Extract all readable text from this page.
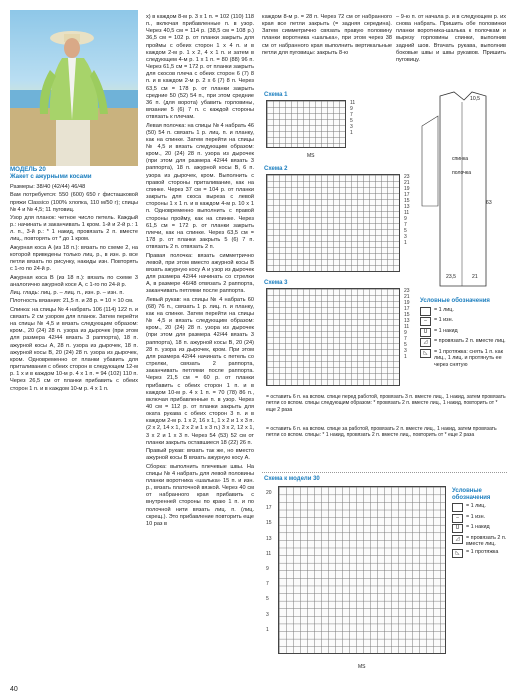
МОДЕЛЬ 20
Жакет с ажурными косами

Размеры: 38/40 (42/44) 46/48

Вам потребуется: 550 (600) 650 г фисташковой пряжи Classico (100% хлопка, 110 м/50 г); спицы № 4 и № 4,5; 11 пуговиц.

Узор для планок: четное число петель. Каждый р.: начинать и заканчивать 1 кром. 1-й и 2-й р.: 1 л. п., 3-й р.: * 1 накид, провязать 2 п. вместе лиц., повторять от * до 1 кром.

Ажурная коса А (из 18 п.): вязать по схеме 2, на которой приведены только лиц. р., в изн. р. все петли вязать по рисунку, накиды изн. Повторять с 1-го по 24-й р.

Ажурная коса В (из 18 п.): вязать по схеме 3 аналогично ажурной косе А, с 1-го по 24-й р.

Лиц. гладь: лиц. р. – лиц. п., изн. р. – изн. п.

Плотность вязания: 21,5 п. и 28 р. = 10 × 10 см.

Спинка: на спицы № 4 набрать 106 (114) 122 п. и связать 2 см узором для планок. Затем перейти на спицы № 4,5 и вязать следующим образом: кром., 20 (24) 28 п. узора из дырочек (при этом для размера 42/44 вязать 3 раппорта), 18 п. ажурной косы А, 28 п. узора из дырочек, 18 п. ажурной косы В, 20 (24) 28 п. узора из дырочек, кром. Одновременно от планки убавить для приталивания с обеих сторон в следующем 12-м р. 1 x и в каждом 10-м р. 4 x 1 п. = 94 (102) 110 п. Через 26,5 см от планки прибавить с обеих сторон 1 п. и в каждом 10-м р. 4 x 1 п.

x) в каждом 8-м р. 3 x 1 п. = 102 (110) 118 п., включая прибавленные п. в узор. Через 40,5 см = 114 р. (38,5 см = 108 р.) 36,5 см = 102 р. от планки закрыть для проймы с обеих сторон 1 x 4 п. и в каждом 2-м р. 1 x 2, 4 x 1 п. и затем в следующем 4-м р. 1 x 1 п. = 80 (88) 96 п. Через 61,5 см = 172 р. от планки закрыть для скосов плеча с обеих сторон 6 (7) 8 п. и в каждом 2-м р. 2 x 6 (7) 8 п. Через 63,5 см = 178 р. от планки закрыть средние 50 (52) 54 п., при этом средние 36 п. (для ворота) убавить горловины, вязание 5 (6) 7 п. с каждой стороны отвязать к плечам.

Левая полочка: на спицы № 4 набрать 46 (50) 54 п. связать 1 р. лиц. п. и планку, как на спинке. Затем перейти на спицы № 4,5 и вязать следующим образом: кром., 20 (24) 28 п. узора из дырочек (при этом для размера 42/44 вязать 3 раппорта), 18 п. ажурной косы В, 6 п. узора из дырочек, кром. Выполнить с правой стороны приталивание, как на спинке. Через 37 см = 104 р. от планки закрыть для скоса выреза с левой стороны 1 x 1 п. и в каждом 4-м р. 10 x 1 п. Одновременно выполнить с правой стороны пройму, как на спинке. Через 61,5 см = 172 р. от планки закрыть плечи, как на спинке. Через 63,5 см = 178 р. от планки закрыть 5 (6) 7 п. отвязать 2 п. отвязать 2 п.

Правая полочка: вязать симметрично левой, при этом вместо ажурной косы В вязать ажурную косу А и узор из дырочек для размера 42/44 начинать со стрелки А, в размере 46/48 отвязать 2 раппорта, заканчивать петлями после раппорта.

Левый рукав: на спицы № 4 набрать 60 (68) 76 п., связать 1 р. лиц. п. и планку, как на спинке. Затем перейти на спицы № 4,5 и вязать следующим образом: кром., 20 (24) 28 п. узора из дырочек (при этом для размера 42/44 вязать 3 раппорта), 18 п. ажурной косы В, 20 (24) 28 п. узора из дырочек, кром. При этом для размера 42/44 начинать с петель со стрелки, связать 2 раппорта, заканчивать петлями после раппорта. Через 21,5 см = 60 р. от планки прибавить с обеих сторон 1 п. и в каждом 10-м р. 4 x 1 п. = 70 (78) 86 п., включая прибавленные п. в узор. Через 40 см = 112 р. от планки закрыть для оката рукава с обеих сторон 3 п. и в каждом 2-м р. 1 x 2, 16 x 1, 1 x 2 и 1 x 3 п. (2 x 2, 14 x 1, 2 x 2 и 1 x 3 п.) 3 x 2, 12 x 1, 3 x 2 и 1 x 3 п. Через 54 (53) 52 см от планки закрыть оставшиеся 18 (22) 26 п.

Правый рукав: вязать так же, но вместо ажурной косы В вязать ажурную косу А.

Сборка: выполнить плечевые швы. На спицы № 4 набрать для левой половины планки воротника «шалька» 15 п. и изн. р., вязать платочной вязкой. Через 40 см от набранного края прибавить с внутренней стороны по краю 1 п. и по полочной нити вязать лиц. п. (лиц. скрещ.). Это прибавление повторить еще 10 раз в

каждом 8-м р. = 28 п. Через 72 см от набранного края все петли закрыть (= задняя середина). Затем симметрично связать правую половину планки воротника «шалька», при этом через 38 см от набранного края выполнить вертикальные петли для пуговицы: закрыть 8-ю

– 9-ю п. от начала р. и в следующем р. их снова набрать. Пришить обе половинки планки воротника-шалька к полочкам и вырезу горловины спинки, выполнив задний шов. Втачать рукава, выполнив боковые швы и швы рукавов. Пришить пуговицу.

Схема 1
11
9
7
5
3
1
MS
Схема 2
23
21
19
17
15
13
11
9
7
5
3
1
Схема 3
23
21
19
17
15
13
11
9
7
5
3
1
10,5
спинка
полочка
63
23,5	21
Условные обозначения
= 1 лиц.
–	= 1 изн.
U	= 1 накид
◿	= провязать 2 п. вместе лиц.
◺	= 1 протяжка: снять 1 п. как лиц., 1 лиц. и протянуть ее через снятую
= оставить 6 п. на вспом. спице перед работой, провязать 3 п. вместе лиц., 1 накид, затем провязать петли со вспом. спицы следующим образом: * провязать 2 п. вместе лиц., 1 накид, повторить от * еще 2 раза
= оставить 6 п. на вспом. спице за работой, провязать 2 п. вместе лиц., 1 накид, затем провязать петли со вспом. спицы: * 1 накид, провязать 2 п. вместе лиц., повторить от * еще 2 раза
Схема к модели 30
20
17
15
13
11
9
7
5
3
1
MS
Условные обозначения
= 1 лиц.
–	= 1 изн.
U	= 1 накид
◿	= провязать 2 п. вместе лиц.
◺	= 1 протяжка
40
